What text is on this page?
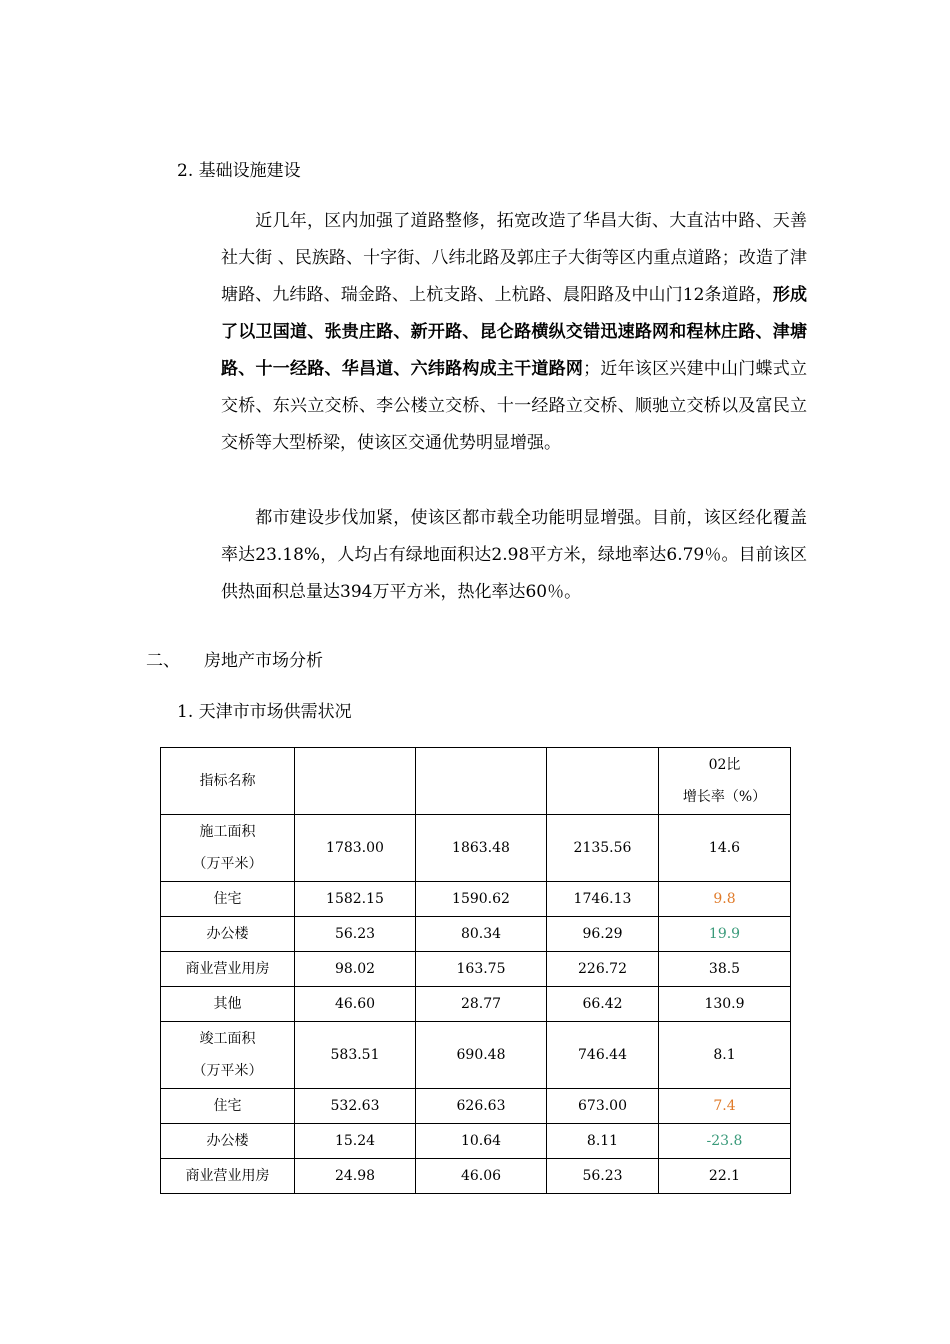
2. 基础设施建设
近几年，区内加强了道路整修，拓宽改造了华昌大街、大直沽中路、天善社大街 、民族路、十字街、八纬北路及郭庄子大街等区内重点道路；改造了津塘路、九纬路、瑞金路、上杭支路、上杭路、晨阳路及中山门12条道路，形成了以卫国道、张贵庄路、新开路、昆仑路横纵交错迅速路网和程林庄路、津塘路、十一经路、华昌道、六纬路构成主干道路网；近年该区兴建中山门蝶式立交桥、东兴立交桥、李公楼立交桥、十一经路立交桥、顺驰立交桥以及富民立交桥等大型桥梁，使该区交通优势明显增强。
都市建设步伐加紧，使该区都市载全功能明显增强。目前，该区经化覆盖率达23.18%，人均占有绿地面积达2.98平方米，绿地率达6.79％。目前该区供热面积总量达394万平方米，热化率达60％。
二、 房地产市场分析
1. 天津市市场供需状况
指标名称				02比
增长率（%）
施工面积
（万平米）	1783.00	1863.48	2135.56	14.6
住宅	1582.15	1590.62	1746.13	9.8
办公楼	56.23	80.34	96.29	19.9
商业营业用房	98.02	163.75	226.72	38.5
其他	46.60	28.77	66.42	130.9
竣工面积
（万平米）	583.51	690.48	746.44	8.1
住宅	532.63	626.63	673.00	7.4
办公楼	15.24	10.64	8.11	-23.8
商业营业用房	24.98	46.06	56.23	22.1
